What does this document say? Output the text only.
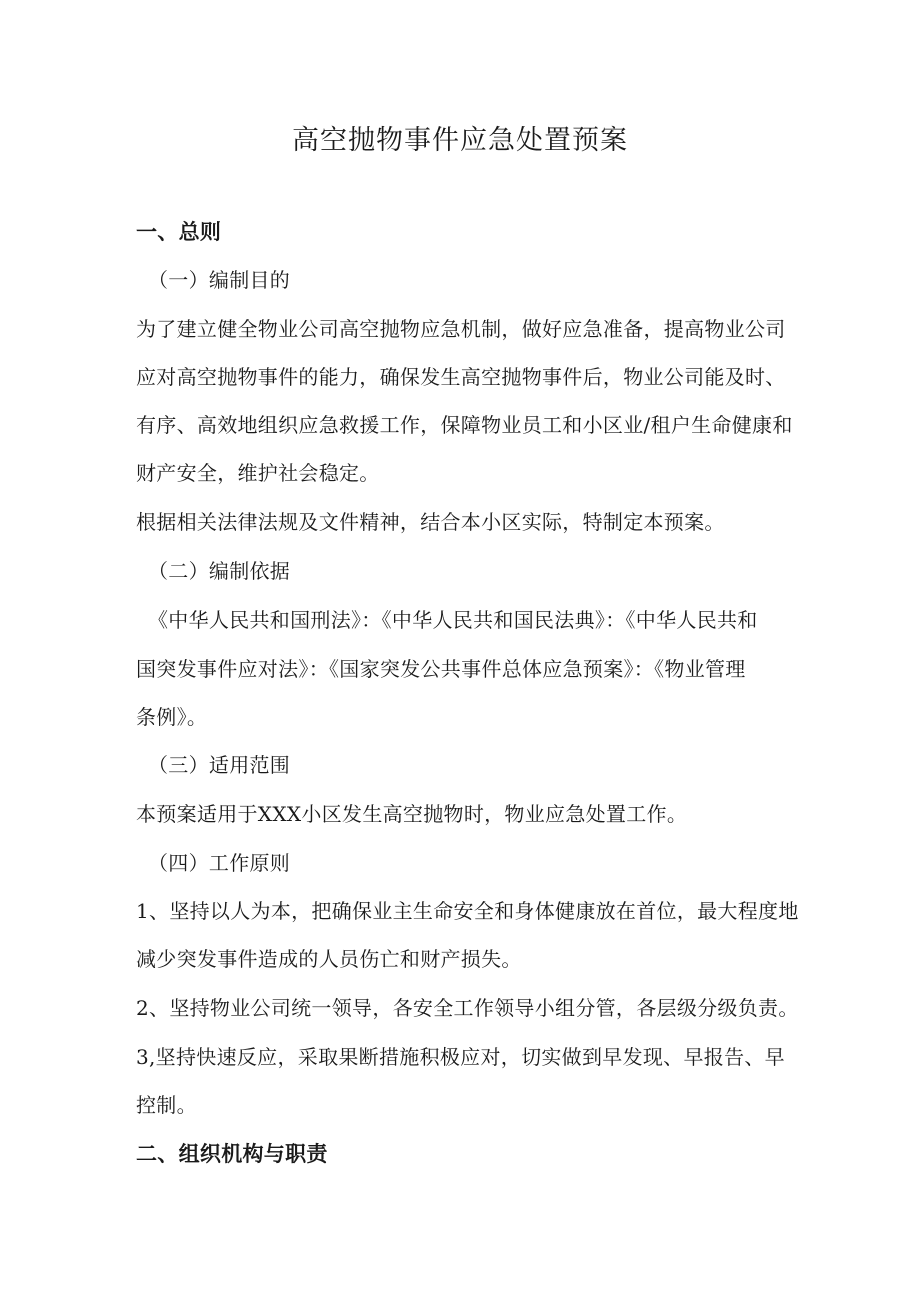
高空抛物事件应急处置预案
一、总则
（一）编制目的
为了建立健全物业公司高空抛物应急机制，做好应急准备，提高物业公司
应对高空抛物事件的能力，确保发生高空抛物事件后，物业公司能及时、
有序、高效地组织应急救援工作，保障物业员工和小区业/租户生命健康和
财产安全，维护社会稳定。
根据相关法律法规及文件精神，结合本小区实际，特制定本预案。
（二）编制依据
《中华人民共和国刑法》：《中华人民共和国民法典》：《中华人民共和
国突发事件应对法》：《国家突发公共事件总体应急预案》：《物业管理
条例》。
（三）适用范围
本预案适用于XXX小区发生高空抛物时，物业应急处置工作。
（四）工作原则
1、坚持以人为本，把确保业主生命安全和身体健康放在首位，最大程度地
减少突发事件造成的人员伤亡和财产损失。
2、坚持物业公司统一领导，各安全工作领导小组分管，各层级分级负责。
3,坚持快速反应，采取果断措施积极应对，切实做到早发现、早报告、早
控制。
二、组织机构与职责
